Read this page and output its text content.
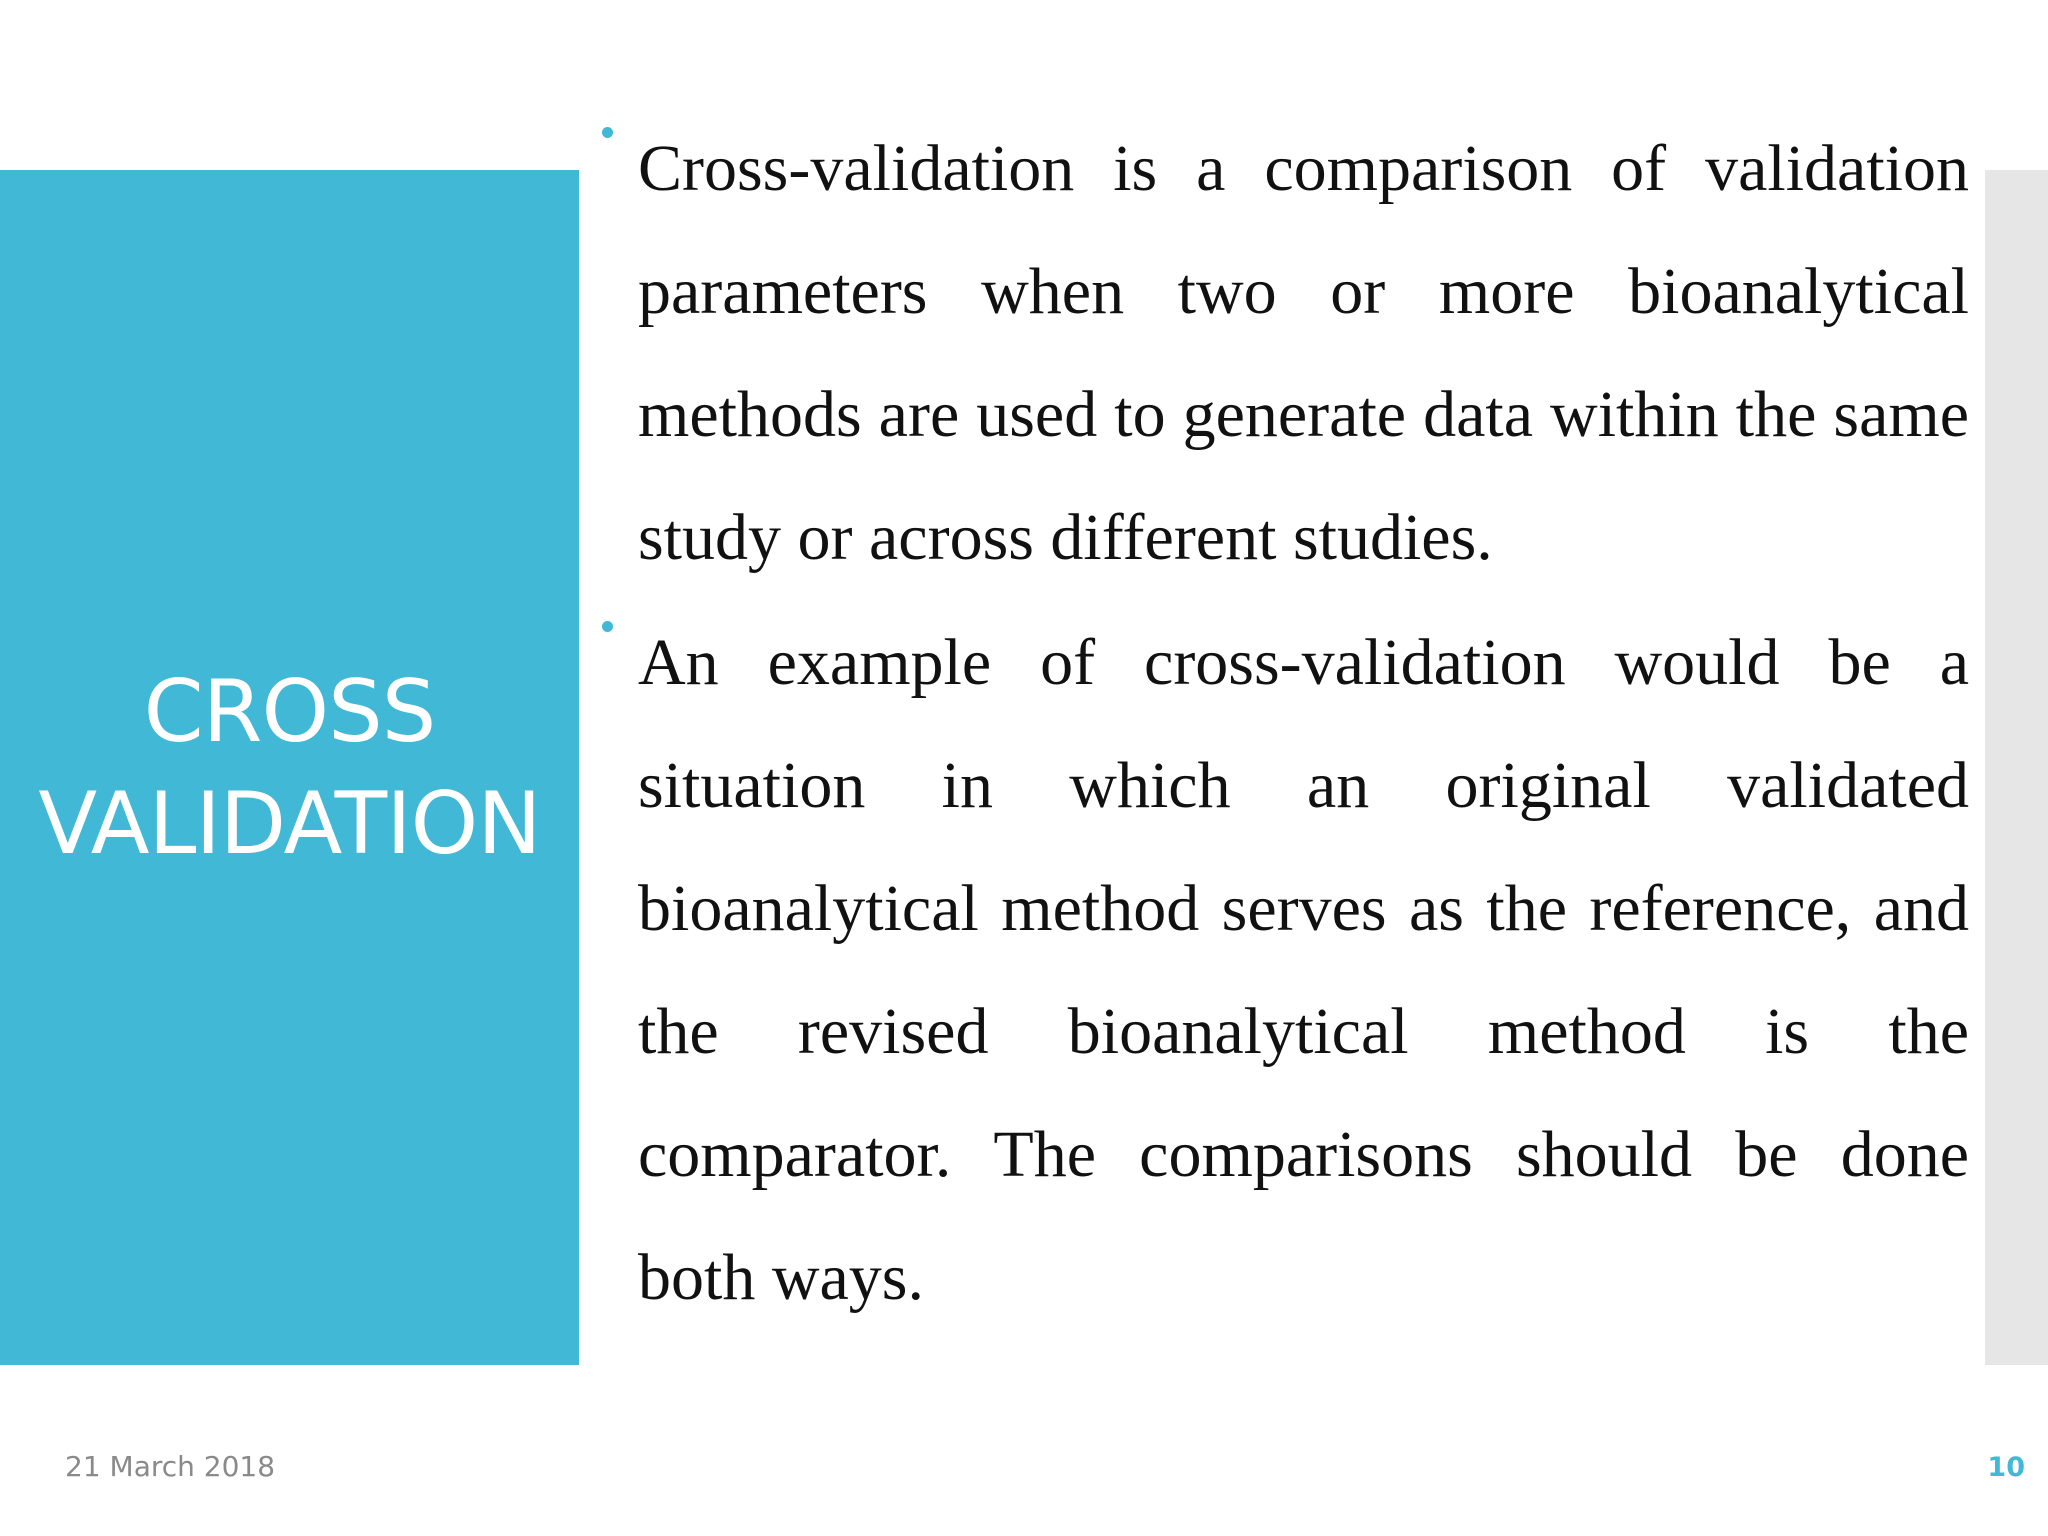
CROSS
VALIDATION
Cross-validation is a comparison of validation parameters when two or more bioanalytical methods are used to generate data within the same study or across different studies.
An example of cross-validation would be a situation in which an original validated bioanalytical method serves as the reference, and the revised bioanalytical method is the comparator. The comparisons should be done both ways.
21 March 2018	10
